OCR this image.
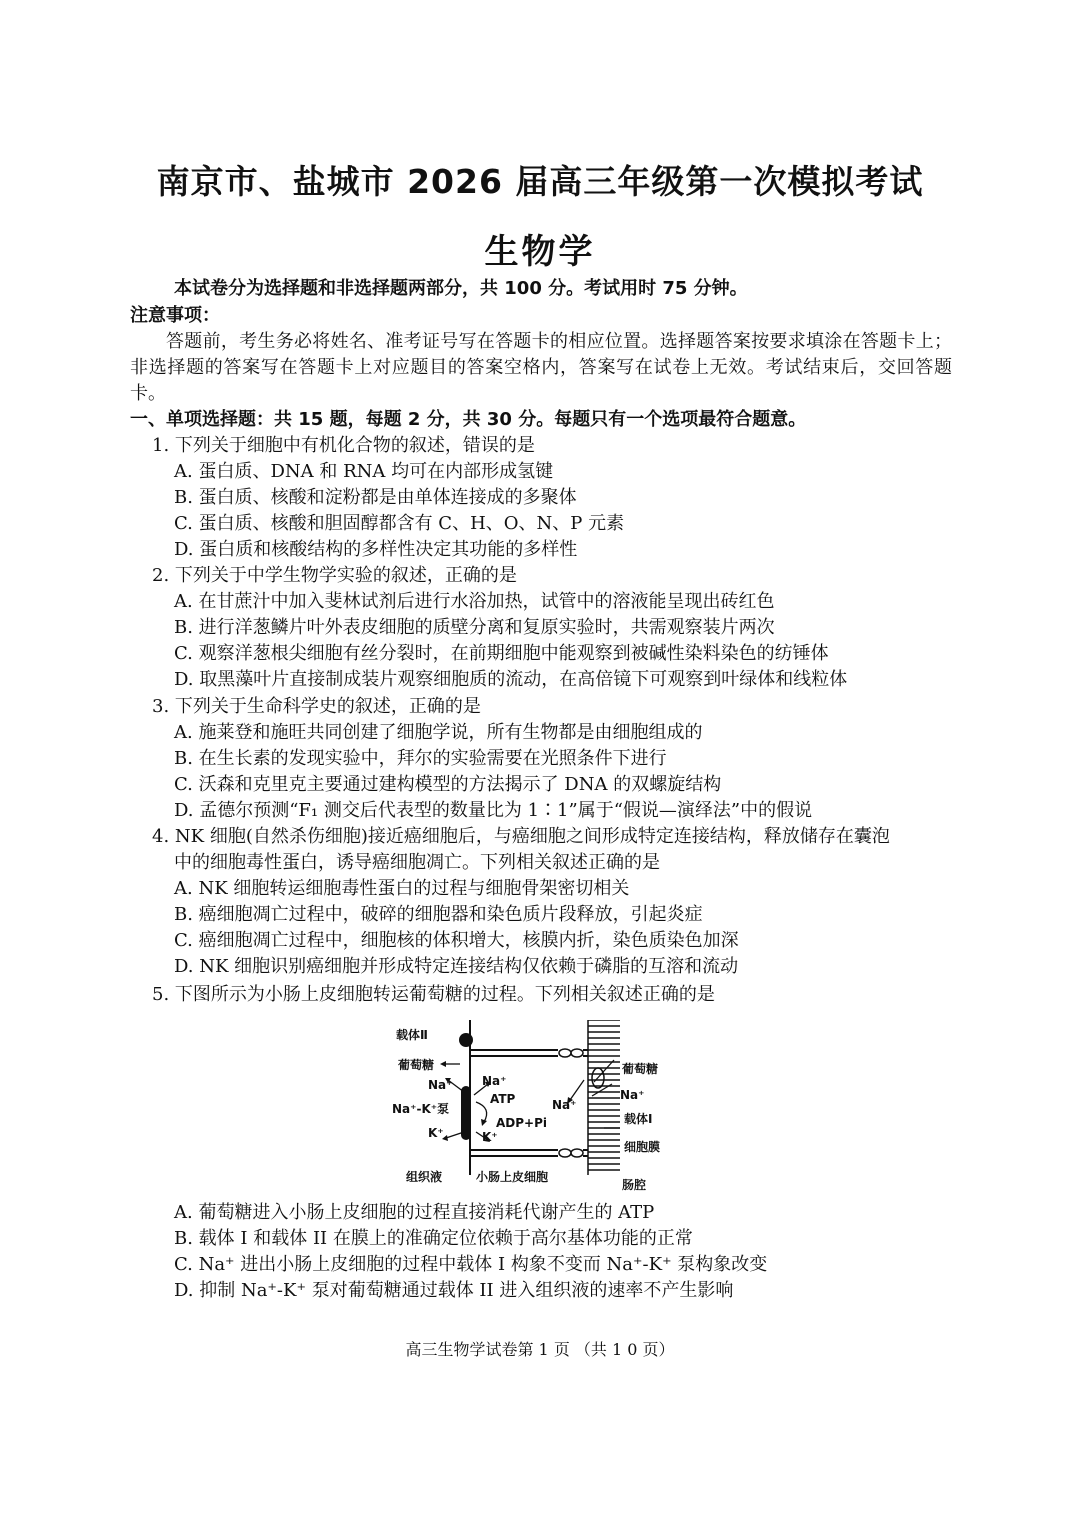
南京市、盐城市 2026 届高三年级第一次模拟考试
生物学
本试卷分为选择题和非选择题两部分，共 100 分。考试用时 75 分钟。
注意事项：
答题前，考生务必将姓名、准考证号写在答题卡的相应位置。选择题答案按要求填涂在答题卡上；非选择题的答案写在答题卡上对应题目的答案空格内，答案写在试卷上无效。考试结束后，交回答题卡。
一、单项选择题：共 15 题，每题 2 分，共 30 分。每题只有一个选项最符合题意。
1. 下列关于细胞中有机化合物的叙述，错误的是
A. 蛋白质、DNA 和 RNA 均可在内部形成氢键
B. 蛋白质、核酸和淀粉都是由单体连接成的多聚体
C. 蛋白质、核酸和胆固醇都含有 C、H、O、N、P 元素
D. 蛋白质和核酸结构的多样性决定其功能的多样性
2. 下列关于中学生物学实验的叙述，正确的是
A. 在甘蔗汁中加入斐林试剂后进行水浴加热，试管中的溶液能呈现出砖红色
B. 进行洋葱鳞片叶外表皮细胞的质壁分离和复原实验时，共需观察装片两次
C. 观察洋葱根尖细胞有丝分裂时，在前期细胞中能观察到被碱性染料染色的纺锤体
D. 取黑藻叶片直接制成装片观察细胞质的流动，在高倍镜下可观察到叶绿体和线粒体
3. 下列关于生命科学史的叙述，正确的是
A. 施莱登和施旺共同创建了细胞学说，所有生物都是由细胞组成的
B. 在生长素的发现实验中，拜尔的实验需要在光照条件下进行
C. 沃森和克里克主要通过建构模型的方法揭示了 DNA 的双螺旋结构
D. 孟德尔预测“F₁ 测交后代表型的数量比为 1∶1”属于“假说—演绎法”中的假说
4. NK 细胞(自然杀伤细胞)接近癌细胞后，与癌细胞之间形成特定连接结构，释放储存在囊泡
中的细胞毒性蛋白，诱导癌细胞凋亡。下列相关叙述正确的是
A. NK 细胞转运细胞毒性蛋白的过程与细胞骨架密切相关
B. 癌细胞凋亡过程中，破碎的细胞器和染色质片段释放，引起炎症
C. 癌细胞凋亡过程中，细胞核的体积增大，核膜内折，染色质染色加深
D. NK 细胞识别癌细胞并形成特定连接结构仅依赖于磷脂的互溶和流动
5. 下图所示为小肠上皮细胞转运葡萄糖的过程。下列相关叙述正确的是
载体Ⅱ
葡萄糖
Na⁺
Na⁺-K⁺泵
K⁺
Na⁺
ATP
ADP+Pi
K⁺
葡萄糖
Na⁺
Na⁺
载体Ⅰ
细胞膜
组织液	小肠上皮细胞
肠腔
A. 葡萄糖进入小肠上皮细胞的过程直接消耗代谢产生的 ATP
B. 载体 I 和载体 II 在膜上的准确定位依赖于高尔基体功能的正常
C. Na⁺ 进出小肠上皮细胞的过程中载体 I 构象不变而 Na⁺-K⁺ 泵构象改变
D. 抑制 Na⁺-K⁺ 泵对葡萄糖通过载体 II 进入组织液的速率不产生影响
高三生物学试卷第 1 页 （共 1 0 页）
